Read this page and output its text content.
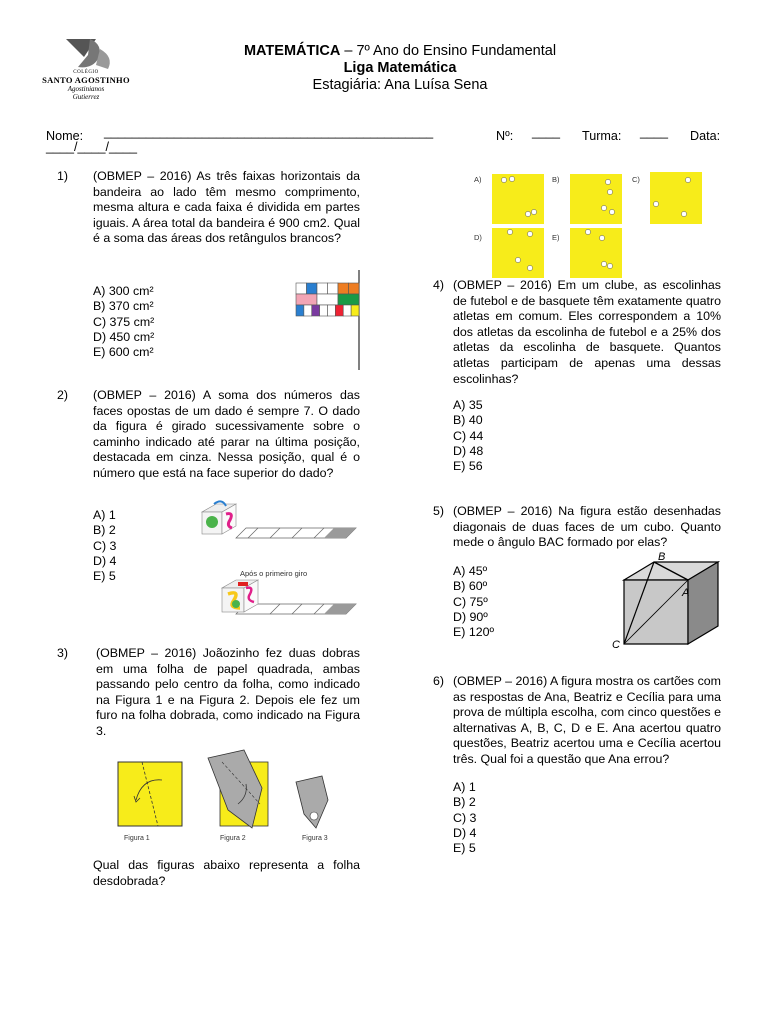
COLÉGIO
SANTO AGOSTINHO
Agostinianos
Gutierrez
MATEMÁTICA – 7º Ano do Ensino Fundamental
Liga Matemática
Estagiária: Ana Luísa Sena
Nome: _______________________________________________	Nº: ____ Turma: ____ Data:
____/____/____
1) (OBMEP – 2016) As três faixas horizontais da bandeira ao lado têm mesmo comprimento, mesma altura e cada faixa é dividida em partes iguais. A área total da bandeira é 900 cm2. Qual é a soma das áreas dos retângulos brancos?
A) 300 cm²
B) 370 cm²
C) 375 cm²
D) 450 cm²
E) 600 cm²
2) (OBMEP – 2016) A soma dos números das faces opostas de um dado é sempre 7. O dado da figura é girado sucessivamente sobre o caminho indicado até parar na última posição, destacada em cinza. Nessa posição, qual é o número que está na face superior do dado?
A) 1
B) 2
C) 3
D) 4
E) 5	Após o primeiro giro
3) (OBMEP – 2016) Joãozinho fez duas dobras em uma folha de papel quadrada, ambas passando pelo centro da folha, como indicado na Figura 1 e na Figura 2. Depois ele fez um furo na folha dobrada, como indicado na Figura 3.
Figura 1	Figura 2	Figura 3
Qual das figuras abaixo representa a folha desdobrada?
A)	B)	C)
D)	E)
4) (OBMEP – 2016) Em um clube, as escolinhas de futebol e de basquete têm exatamente quatro atletas em comum. Eles correspondem a 10% dos atletas da escolinha de futebol e a 25% dos atletas da escolinha de basquete. Quantos atletas participam de apenas uma dessas escolinhas?
A) 35
B) 40
C) 44
D) 48
E) 56
5) (OBMEP – 2016) Na figura estão desenhadas diagonais de duas faces de um cubo. Quanto mede o ângulo BAC formado por elas?
A) 45º
B) 60º
C) 75º
D) 90º
E) 120º
B
A
C
6) (OBMEP – 2016) A figura mostra os cartões com as respostas de Ana, Beatriz e Cecília para uma prova de múltipla escolha, com cinco questões e alternativas A, B, C, D e E. Ana acertou quatro questões, Beatriz acertou uma e Cecília acertou três. Qual foi a questão que Ana errou?
A) 1
B) 2
C) 3
D) 4
E) 5
